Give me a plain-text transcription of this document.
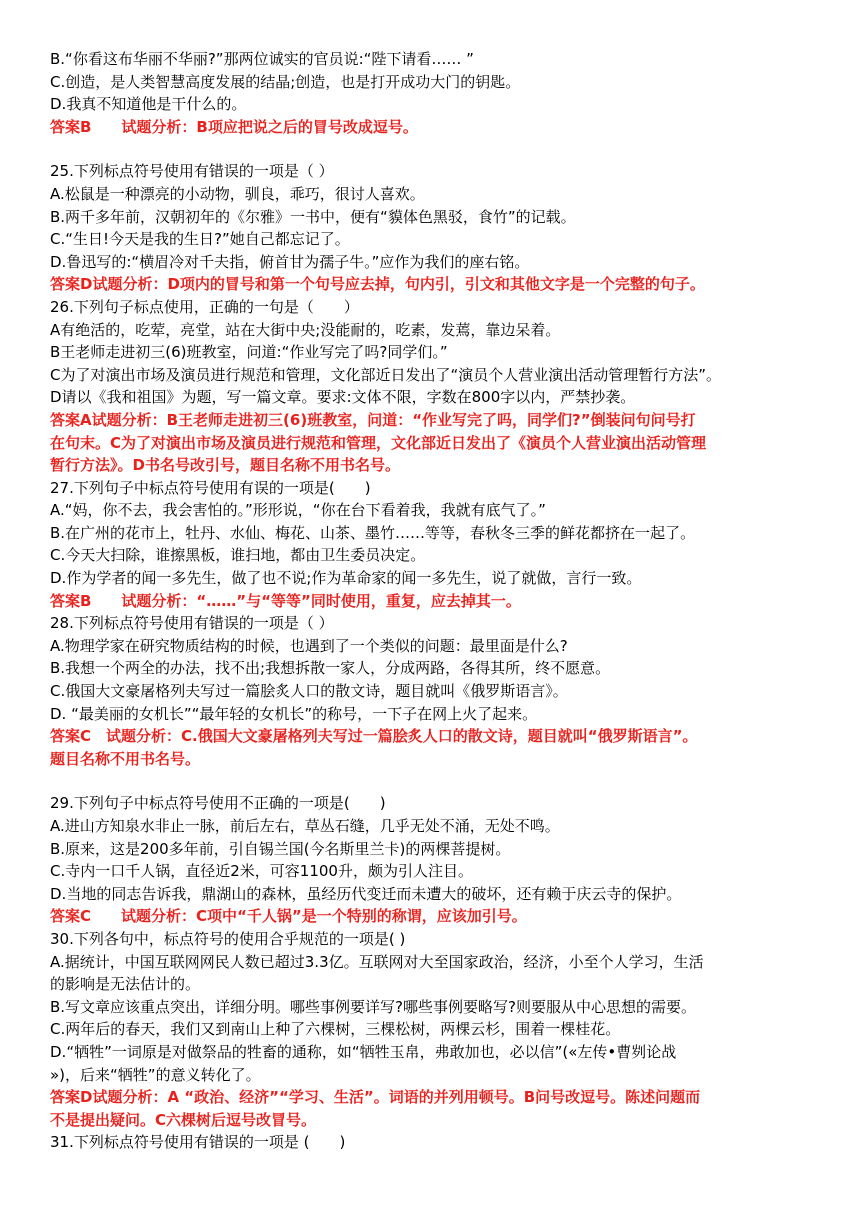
B.“你看这布华丽不华丽?”那两位诚实的官员说:“陛下请看…… ”
C.创造，是人类智慧高度发展的结晶;创造，也是打开成功大门的钥匙。
D.我真不知道他是干什么的。
答案B　　试题分析：B项应把说之后的冒号改成逗号。
25.下列标点符号使用有错误的一项是（ ）
A.松鼠是一种漂亮的小动物，驯良，乖巧，很讨人喜欢。
B.两千多年前，汉朝初年的《尔雅》一书中，便有“貘体色黑驳，食竹”的记载。
C.“生日!今天是我的生日?”她自己都忘记了。
D.鲁迅写的:“横眉冷对千夫指，俯首甘为孺子牛。”应作为我们的座右铭。
答案D试题分析：D项内的冒号和第一个句号应去掉，句内引，引文和其他文字是一个完整的句子。
26.下列句子标点使用，正确的一句是（　　）
A有绝活的，吃荤，亮堂，站在大街中央;没能耐的，吃素，发蔫，靠边呆着。
B王老师走进初三(6)班教室，问道:“作业写完了吗?同学们。”
C为了对演出市场及演员进行规范和管理，文化部近日发出了“演员个人营业演出活动管理暂行方法”。
D请以《我和祖国》为题，写一篇文章。要求:文体不限，字数在800字以内，严禁抄袭。
答案A试题分析：B王老师走进初三(6)班教室，问道：“作业写完了吗，同学们?”倒装问句问号打
在句末。C为了对演出市场及演员进行规范和管理，文化部近日发出了《演员个人营业演出活动管理
暂行方法》。D书名号改引号，题目名称不用书名号。
27.下列句子中标点符号使用有误的一项是(　　)
A.“妈，你不去，我会害怕的。”形形说，“你在台下看着我，我就有底气了。”
B.在广州的花市上，牡丹、水仙、梅花、山茶、墨竹……等等，春秋冬三季的鲜花都挤在一起了。
C.今天大扫除，谁擦黑板，谁扫地，都由卫生委员决定。
D.作为学者的闻一多先生，做了也不说;作为革命家的闻一多先生，说了就做，言行一致。
答案B　　试题分析：“……”与“等等”同时使用，重复，应去掉其一。
28.下列标点符号使用有错误的一项是（ ）
A.物理学家在研究物质结构的时候，也遇到了一个类似的问题：最里面是什么?
B.我想一个两全的办法，找不出;我想拆散一家人，分成两路，各得其所，终不愿意。
C.俄国大文豪屠格列夫写过一篇脍炙人口的散文诗，题目就叫《俄罗斯语言》。
D. “最美丽的女机长”“最年轻的女机长”的称号，一下子在网上火了起来。
答案C　试题分析：C.俄国大文豪屠格列夫写过一篇脍炙人口的散文诗，题目就叫“俄罗斯语言”。
题目名称不用书名号。
29.下列句子中标点符号使用不正确的一项是(　　)
A.进山方知泉水非止一脉，前后左右，草丛石缝，几乎无处不涌，无处不鸣。
B.原来，这是200多年前，引自锡兰国(今名斯里兰卡)的两棵菩提树。
C.寺内一口千人锅，直径近2米，可容1100升，颇为引人注目。
D.当地的同志告诉我，鼎湖山的森林，虽经历代变迁而未遭大的破坏，还有赖于庆云寺的保护。
答案C　　试题分析：C项中“千人锅”是一个特别的称谓，应该加引号。
30.下列各句中，标点符号的使用合乎规范的一项是( )
A.据统计，中国互联网网民人数已超过3.3亿。互联网对大至国家政治，经济，小至个人学习，生活
的影响是无法估计的。
B.写文章应该重点突出，详细分明。哪些事例要详写?哪些事例要略写?则要服从中心思想的需要。
C.两年后的春天，我们又到南山上种了六棵树，三棵松树，两棵云杉，围着一棵桂花。
D.“牺牲”一词原是对做祭品的牲畜的通称，如“牺牲玉帛，弗敢加也，必以信”(«左传•曹刿论战
»)，后来“牺牲”的意义转化了。
答案D试题分析：A “政治、经济”“学习、生活”。词语的并列用顿号。B问号改逗号。陈述问题而
不是提出疑问。C六棵树后逗号改冒号。
31.下列标点符号使用有错误的一项是 (　　)
